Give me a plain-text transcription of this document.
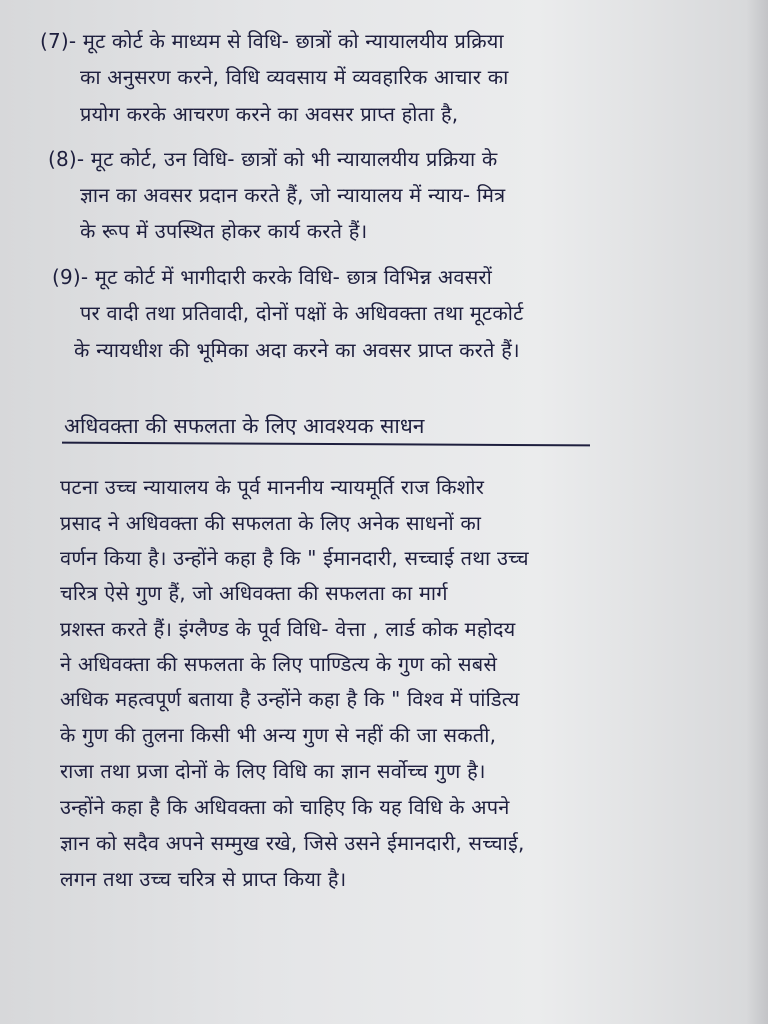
(7)- मूट कोर्ट के माध्यम से विधि- छात्रों को न्यायालयीय प्रक्रिया
का अनुसरण करने, विधि व्यवसाय में व्यवहारिक आचार का
प्रयोग करके आचरण करने का अवसर प्राप्त होता है,
(8)- मूट कोर्ट, उन विधि- छात्रों को भी न्यायालयीय प्रक्रिया के
ज्ञान का अवसर प्रदान करते हैं, जो न्यायालय में न्याय- मित्र
के रूप में उपस्थित होकर कार्य करते हैं।
(9)- मूट कोर्ट में भागीदारी करके विधि- छात्र विभिन्न अवसरों
पर वादी तथा प्रतिवादी, दोनों पक्षों के अधिवक्ता तथा मूटकोर्ट
के न्यायधीश की भूमिका अदा करने का अवसर प्राप्त करते हैं।
अधिवक्ता की सफलता के लिए आवश्यक साधन
पटना उच्च न्यायालय के पूर्व माननीय न्यायमूर्ति राज किशोर
प्रसाद ने अधिवक्ता की सफलता के लिए अनेक साधनों का
वर्णन किया है। उन्होंने कहा है कि " ईमानदारी, सच्चाई तथा उच्च
चरित्र ऐसे गुण हैं, जो अधिवक्ता की सफलता का मार्ग
प्रशस्त करते हैं। इंग्लैण्ड के पूर्व विधि- वेत्ता , लार्ड कोक महोदय
ने अधिवक्ता की सफलता के लिए पाण्डित्य के गुण को सबसे
अधिक महत्वपूर्ण बताया है उन्होंने कहा है कि " विश्व में पांडित्य
के गुण की तुलना किसी भी अन्य गुण से नहीं की जा सकती,
राजा तथा प्रजा दोनों के लिए विधि का ज्ञान सर्वोच्च गुण है।
उन्होंने कहा है कि अधिवक्ता को चाहिए कि यह विधि के अपने
ज्ञान को सदैव अपने सम्मुख रखे, जिसे उसने ईमानदारी, सच्चाई,
लगन तथा उच्च चरित्र से प्राप्त किया है।
